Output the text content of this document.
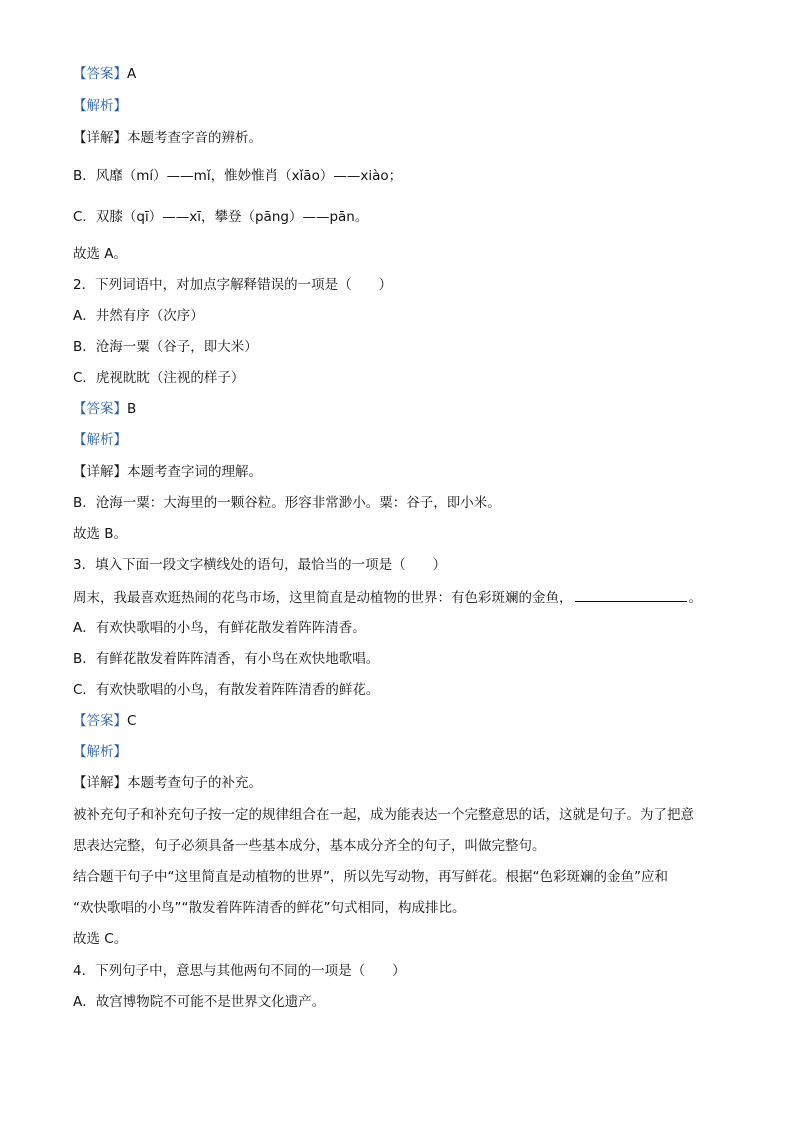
【答案】A
【解析】
【详解】本题考查字音的辨析。
B．风靡（mí）——mǐ，惟妙惟肖（xǐāo）——xiào；
C．双膝（qī）——xī，攀登（pāng）——pān。
故选 A。
2．下列词语中，对加点字解释错误的一项是（　　）
A．井然有序（次序）
B．沧海一粟（谷子，即大米）
C．虎视眈眈（注视的样子）
【答案】B
【解析】
【详解】本题考查字词的理解。
B．沧海一粟：大海里的一颗谷粒。形容非常渺小。粟：谷子，即小米。
故选 B。
3．填入下面一段文字横线处的语句，最恰当的一项是（　　）
周末，我最喜欢逛热闹的花鸟市场，这里简直是动植物的世界：有色彩斑斓的金鱼，	。
A．有欢快歌唱的小鸟，有鲜花散发着阵阵清香。
B．有鲜花散发着阵阵清香，有小鸟在欢快地歌唱。
C．有欢快歌唱的小鸟，有散发着阵阵清香的鲜花。
【答案】C
【解析】
【详解】本题考查句子的补充。
被补充句子和补充句子按一定的规律组合在一起，成为能表达一个完整意思的话，这就是句子。为了把意
思表达完整，句子必须具备一些基本成分，基本成分齐全的句子，叫做完整句。
结合题干句子中“这里简直是动植物的世界”，所以先写动物，再写鲜花。根据“色彩斑斓的金鱼”应和
“欢快歌唱的小鸟”“散发着阵阵清香的鲜花”句式相同，构成排比。
故选 C。
4．下列句子中，意思与其他两句不同的一项是（　　）
A．故宫博物院不可能不是世界文化遗产。
